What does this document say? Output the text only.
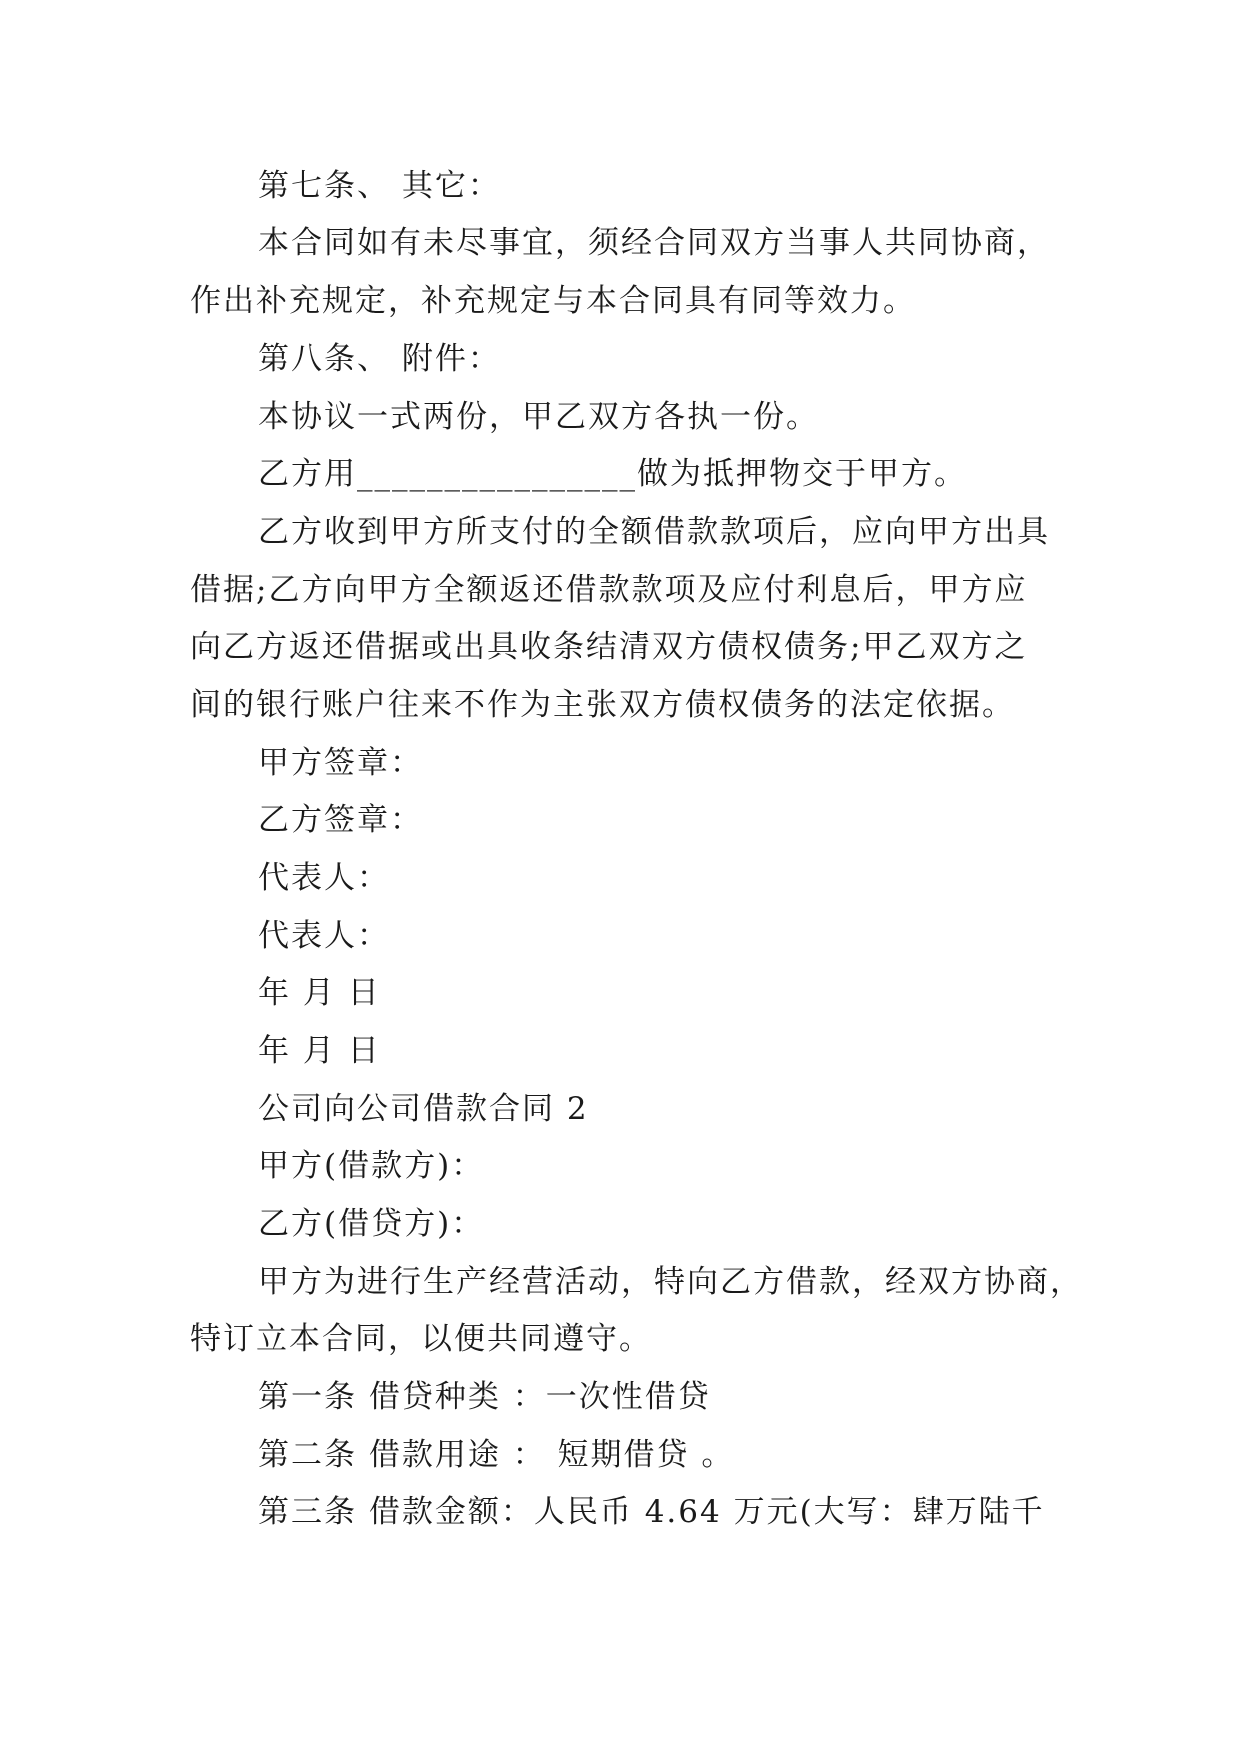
第七条、 其它：
本合同如有未尽事宜，须经合同双方当事人共同协商，
作出补充规定，补充规定与本合同具有同等效力。
第八条、 附件：
本协议一式两份，甲乙双方各执一份。
乙方用________________做为抵押物交于甲方。
乙方收到甲方所支付的全额借款款项后，应向甲方出具
借据;乙方向甲方全额返还借款款项及应付利息后，甲方应
向乙方返还借据或出具收条结清双方债权债务;甲乙双方之
间的银行账户往来不作为主张双方债权债务的法定依据。
甲方签章：
乙方签章：
代表人：
代表人：
年 月 日
年 月 日
公司向公司借款合同 2
甲方(借款方)：
乙方(借贷方)：
甲方为进行生产经营活动，特向乙方借款，经双方协商，
特订立本合同，以便共同遵守。
第一条 借贷种类 ：一次性借贷
第二条 借款用途 ： 短期借贷 。
第三条 借款金额：人民币 4.64 万元(大写：肆万陆千
